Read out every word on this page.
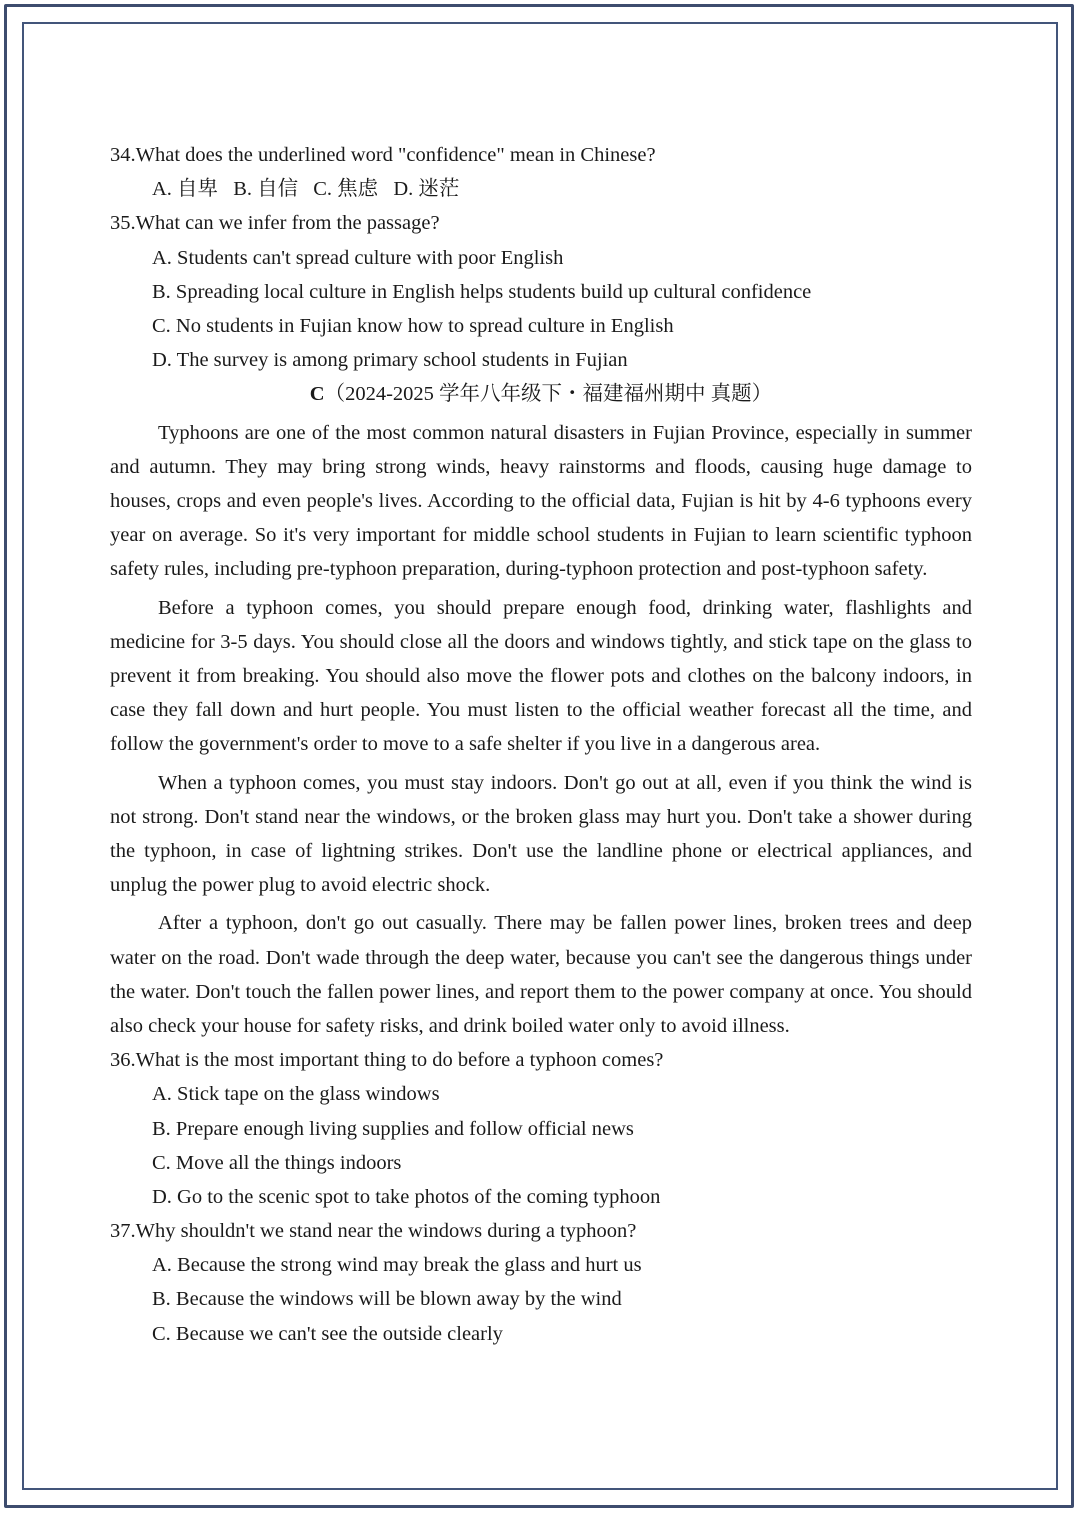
34.What does the underlined word "confidence" mean in Chinese?
A. 自卑 B. 自信 C. 焦虑 D. 迷茫
35.What can we infer from the passage?
A. Students can't spread culture with poor English
B. Spreading local culture in English helps students build up cultural confidence
C. No students in Fujian know how to spread culture in English
D. The survey is among primary school students in Fujian
C（2024-2025 学年八年级下・福建福州期中 真题）

Typhoons are one of the most common natural disasters in Fujian Province, especially in summer and autumn. They may bring strong winds, heavy rainstorms and floods, causing huge damage to houses, crops and even people's lives. According to the official data, Fujian is hit by 4-6 typhoons every year on average. So it's very important for middle school students in Fujian to learn scientific typhoon safety rules, including pre-typhoon preparation, during-typhoon protection and post-typhoon safety.

Before a typhoon comes, you should prepare enough food, drinking water, flashlights and medicine for 3-5 days. You should close all the doors and windows tightly, and stick tape on the glass to prevent it from breaking. You should also move the flower pots and clothes on the balcony indoors, in case they fall down and hurt people. You must listen to the official weather forecast all the time, and follow the government's order to move to a safe shelter if you live in a dangerous area.

When a typhoon comes, you must stay indoors. Don't go out at all, even if you think the wind is not strong. Don't stand near the windows, or the broken glass may hurt you. Don't take a shower during the typhoon, in case of lightning strikes. Don't use the landline phone or electrical appliances, and unplug the power plug to avoid electric shock.

After a typhoon, don't go out casually. There may be fallen power lines, broken trees and deep water on the road. Don't wade through the deep water, because you can't see the dangerous things under the water. Don't touch the fallen power lines, and report them to the power company at once. You should also check your house for safety risks, and drink boiled water only to avoid illness.

36.What is the most important thing to do before a typhoon comes?
A. Stick tape on the glass windows
B. Prepare enough living supplies and follow official news
C. Move all the things indoors
D. Go to the scenic spot to take photos of the coming typhoon
37.Why shouldn't we stand near the windows during a typhoon?
A. Because the strong wind may break the glass and hurt us
B. Because the windows will be blown away by the wind
C. Because we can't see the outside clearly
